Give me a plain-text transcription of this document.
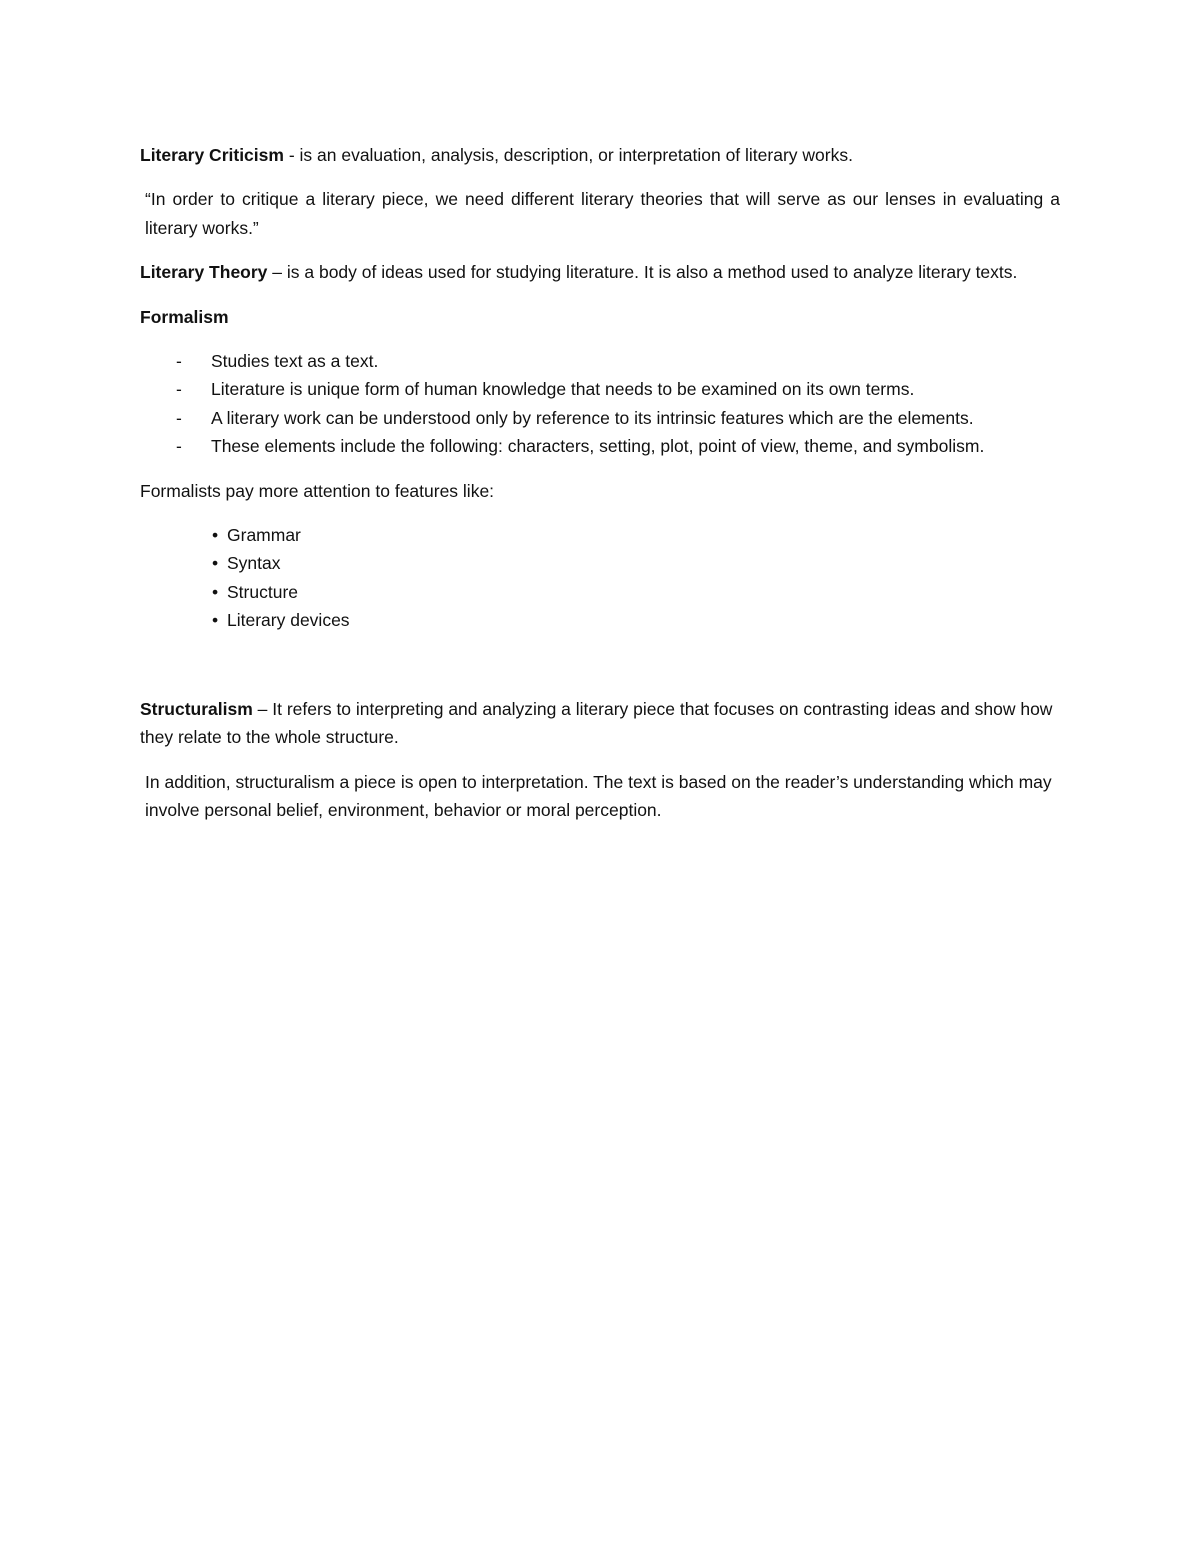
Literary Criticism - is an evaluation, analysis, description, or interpretation of literary works.

“In order to critique a literary piece, we need different literary theories that will serve as our lenses in evaluating a literary works.”

Literary Theory – is a body of ideas used for studying literature. It is also a method used to analyze literary texts.

Formalism

- Studies text as a text.
- Literature is unique form of human knowledge that needs to be examined on its own terms.
- A literary work can be understood only by reference to its intrinsic features which are the elements.
- These elements include the following: characters, setting, plot, point of view, theme, and symbolism.

Formalists pay more attention to features like:

• Grammar
• Syntax
• Structure
• Literary devices

Structuralism – It refers to interpreting and analyzing a literary piece that focuses on contrasting ideas and show how they relate to the whole structure.

In addition, structuralism a piece is open to interpretation. The text is based on the reader’s understanding which may involve personal belief, environment, behavior or moral perception.
